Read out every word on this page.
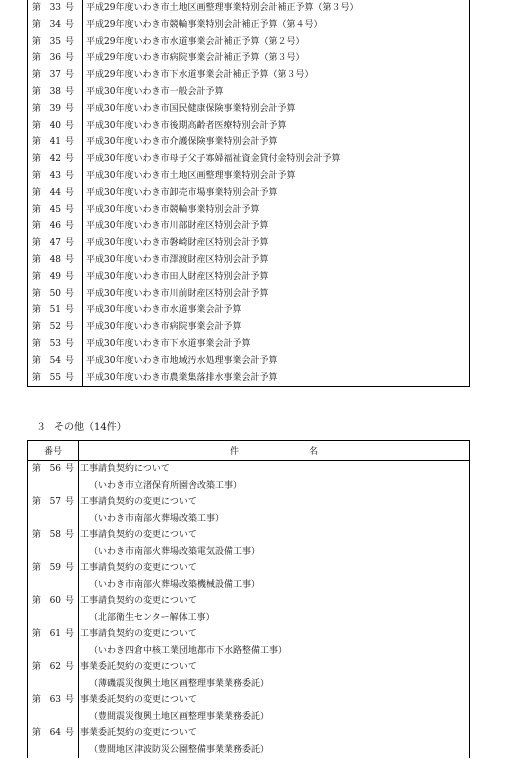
第 33 号	平成29年度いわき市土地区画整理事業特別会計補正予算（第３号）
第 34 号	平成29年度いわき市競輪事業特別会計補正予算（第４号）
第 35 号	平成29年度いわき市水道事業会計補正予算（第２号）
第 36 号	平成29年度いわき市病院事業会計補正予算（第３号）
第 37 号	平成29年度いわき市下水道事業会計補正予算（第３号）
第 38 号	平成30年度いわき市一般会計予算
第 39 号	平成30年度いわき市国民健康保険事業特別会計予算
第 40 号	平成30年度いわき市後期高齢者医療特別会計予算
第 41 号	平成30年度いわき市介護保険事業特別会計予算
第 42 号	平成30年度いわき市母子父子寡婦福祉資金貸付金特別会計予算
第 43 号	平成30年度いわき市土地区画整理事業特別会計予算
第 44 号	平成30年度いわき市卸売市場事業特別会計予算
第 45 号	平成30年度いわき市競輪事業特別会計予算
第 46 号	平成30年度いわき市川部財産区特別会計予算
第 47 号	平成30年度いわき市磐崎財産区特別会計予算
第 48 号	平成30年度いわき市澤渡財産区特別会計予算
第 49 号	平成30年度いわき市田人財産区特別会計予算
第 50 号	平成30年度いわき市川前財産区特別会計予算
第 51 号	平成30年度いわき市水道事業会計予算
第 52 号	平成30年度いわき市病院事業会計予算
第 53 号	平成30年度いわき市下水道事業会計予算
第 54 号	平成30年度いわき市地域汚水処理事業会計予算
第 55 号	平成30年度いわき市農業集落排水事業会計予算
３ その他（14件）
番号	件 名
第 56 号	工事請負契約について
	（いわき市立渚保育所園舎改築工事）
第 57 号	工事請負契約の変更について
	（いわき市南部火葬場改築工事）
第 58 号	工事請負契約の変更について
	（いわき市南部火葬場改築電気設備工事）
第 59 号	工事請負契約の変更について
	（いわき市南部火葬場改築機械設備工事）
第 60 号	工事請負契約の変更について
	（北部衛生センター解体工事）
第 61 号	工事請負契約の変更について
	（いわき四倉中核工業団地都市下水路整備工事）
第 62 号	事業委託契約の変更について
	（薄磯震災復興土地区画整理事業業務委託）
第 63 号	事業委託契約の変更について
	（豊間震災復興土地区画整理事業業務委託）
第 64 号	事業委託契約の変更について
	（豊間地区津波防災公園整備事業業務委託）
